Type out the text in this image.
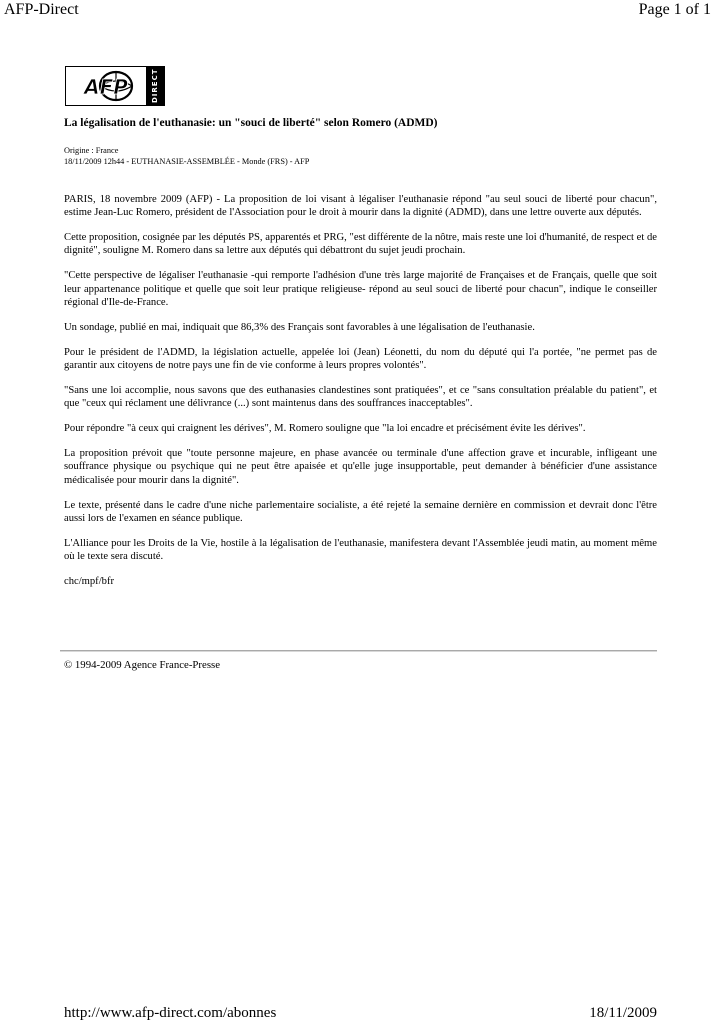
AFP-Direct	Page 1 of 1
AFP	DIRECT
La légalisation de l'euthanasie: un "souci de liberté" selon Romero (ADMD)
Origine : France
18/11/2009 12h44 - EUTHANASIE-ASSEMBLÉE - Monde (FRS) - AFP

PARIS, 18 novembre 2009 (AFP) - La proposition de loi visant à légaliser l'euthanasie répond "au seul souci de liberté pour chacun", estime Jean-Luc Romero, président de l'Association pour le droit à mourir dans la dignité (ADMD), dans une lettre ouverte aux députés.

Cette proposition, cosignée par les députés PS, apparentés et PRG, "est différente de la nôtre, mais reste une loi d'humanité, de respect et de dignité", souligne M. Romero dans sa lettre aux députés qui débattront du sujet jeudi prochain.

"Cette perspective de légaliser l'euthanasie -qui remporte l'adhésion d'une très large majorité de Françaises et de Français, quelle que soit leur appartenance politique et quelle que soit leur pratique religieuse- répond au seul souci de liberté pour chacun", indique le conseiller régional d'Ile-de-France.

Un sondage, publié en mai, indiquait que 86,3% des Français sont favorables à une légalisation de l'euthanasie.

Pour le président de l'ADMD, la législation actuelle, appelée loi (Jean) Léonetti, du nom du député qui l'a portée, "ne permet pas de garantir aux citoyens de notre pays une fin de vie conforme à leurs propres volontés".

"Sans une loi accomplie, nous savons que des euthanasies clandestines sont pratiquées", et ce "sans consultation préalable du patient", et que "ceux qui réclament une délivrance (...) sont maintenus dans des souffrances inacceptables".

Pour répondre "à ceux qui craignent les dérives", M. Romero souligne que "la loi encadre et précisément évite les dérives".

La proposition prévoit que "toute personne majeure, en phase avancée ou terminale d'une affection grave et incurable, infligeant une souffrance physique ou psychique qui ne peut être apaisée et qu'elle juge insupportable, peut demander à bénéficier d'une assistance médicalisée pour mourir dans la dignité".

Le texte, présenté dans le cadre d'une niche parlementaire socialiste, a été rejeté la semaine dernière en commission et devrait donc l'être aussi lors de l'examen en séance publique.

L'Alliance pour les Droits de la Vie, hostile à la légalisation de l'euthanasie, manifestera devant l'Assemblée jeudi matin, au moment même où le texte sera discuté.

chc/mpf/bfr

© 1994-2009 Agence France-Presse
http://www.afp-direct.com/abonnes	18/11/2009
